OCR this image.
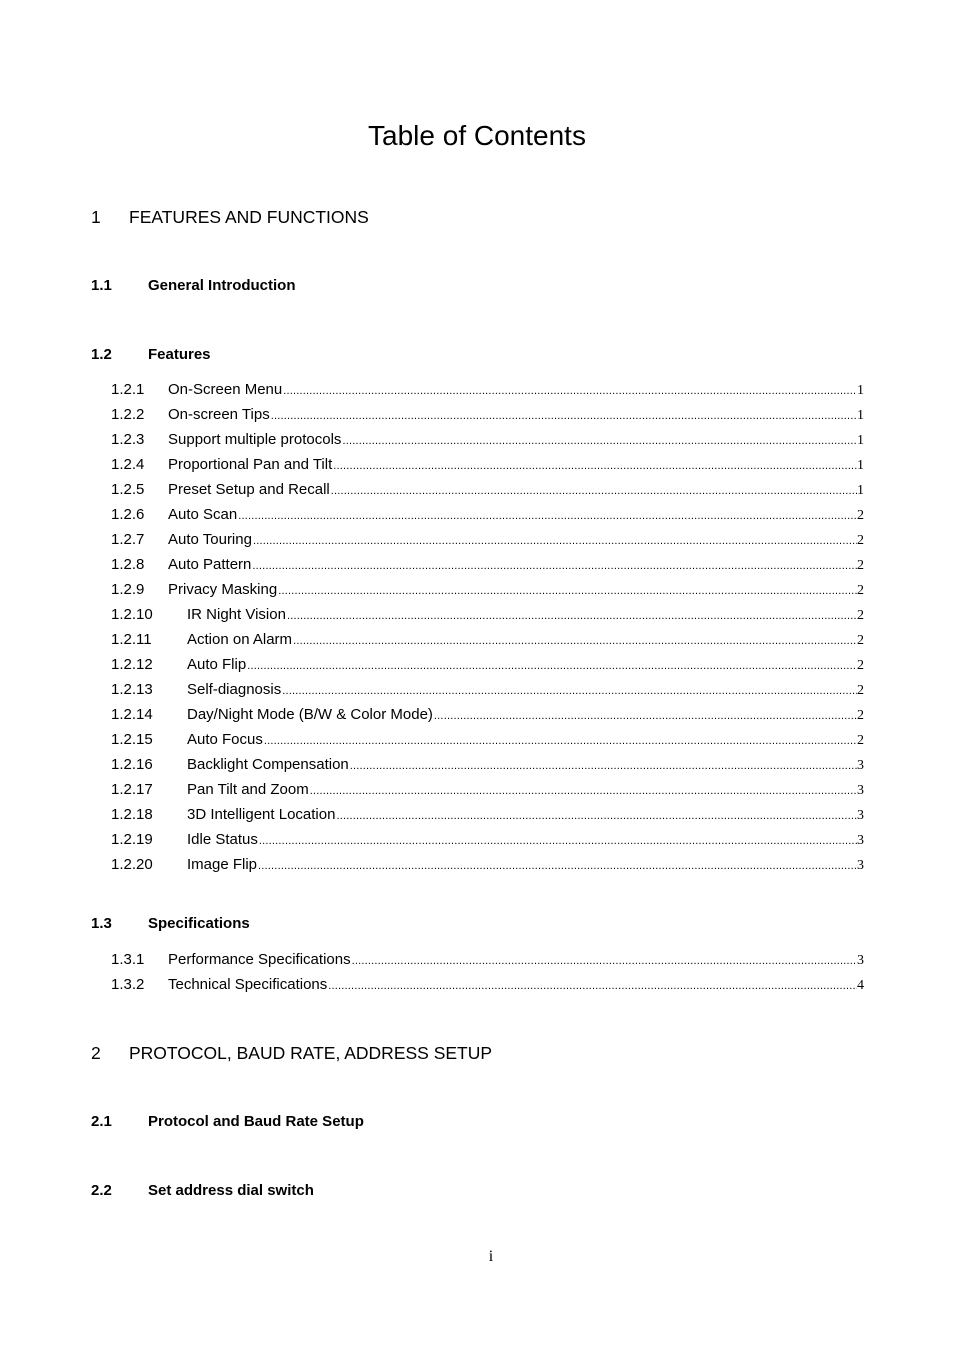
Table of Contents
1 FEATURES AND FUNCTIONS
1.1 General Introduction
1.2 Features
1.2.1 On-Screen Menu .....	1
1.2.2 On-screen Tips .....	1
1.2.3 Support multiple protocols .....	1
1.2.4 Proportional Pan and Tilt .....	1
1.2.5 Preset Setup and Recall .....	1
1.2.6 Auto Scan .....	2
1.2.7 Auto Touring .....	2
1.2.8 Auto Pattern .....	2
1.2.9 Privacy Masking .....	2
1.2.10 IR Night Vision .....	2
1.2.11 Action on Alarm .....	2
1.2.12 Auto Flip .....	2
1.2.13 Self-diagnosis .....	2
1.2.14 Day/Night Mode (B/W & Color Mode) .....	2
1.2.15 Auto Focus .....	2
1.2.16 Backlight Compensation .....	3
1.2.17 Pan Tilt and Zoom .....	3
1.2.18 3D Intelligent Location .....	3
1.2.19 Idle Status .....	3
1.2.20 Image Flip .....	3
1.3 Specifications
1.3.1 Performance Specifications .....	3
1.3.2 Technical Specifications .....	4
2 PROTOCOL, BAUD RATE, ADDRESS SETUP
2.1 Protocol and Baud Rate Setup
2.2 Set address dial switch
i
